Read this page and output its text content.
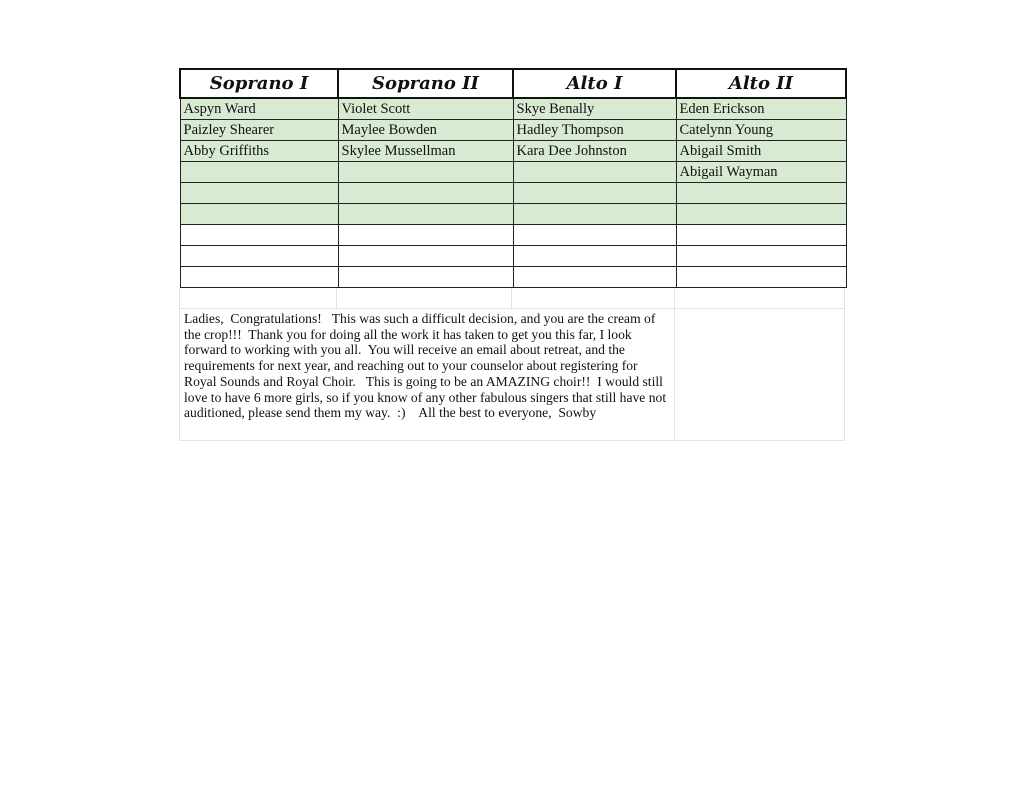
Soprano I	Soprano II	Alto I	Alto II
Aspyn Ward	Violet Scott	Skye Benally	Eden Erickson
Paizley Shearer	Maylee Bowden	Hadley Thompson	Catelynn Young
Abby Griffiths	Skylee Mussellman	Kara Dee Johnston	Abigail Smith
			Abigail Wayman

Ladies,  Congratulations!   This was such a difficult decision, and you are the cream of the crop!!!  Thank you for doing all the work it has taken to get you this far, I look forward to working with you all.  You will receive an email about retreat, and the requirements for next year, and reaching out to your counselor about registering for Royal Sounds and Royal Choir.   This is going to be an AMAZING choir!!  I would still love to have 6 more girls, so if you know of any other fabulous singers that still have not auditioned, please send them my way.  :)    All the best to everyone,  Sowby
